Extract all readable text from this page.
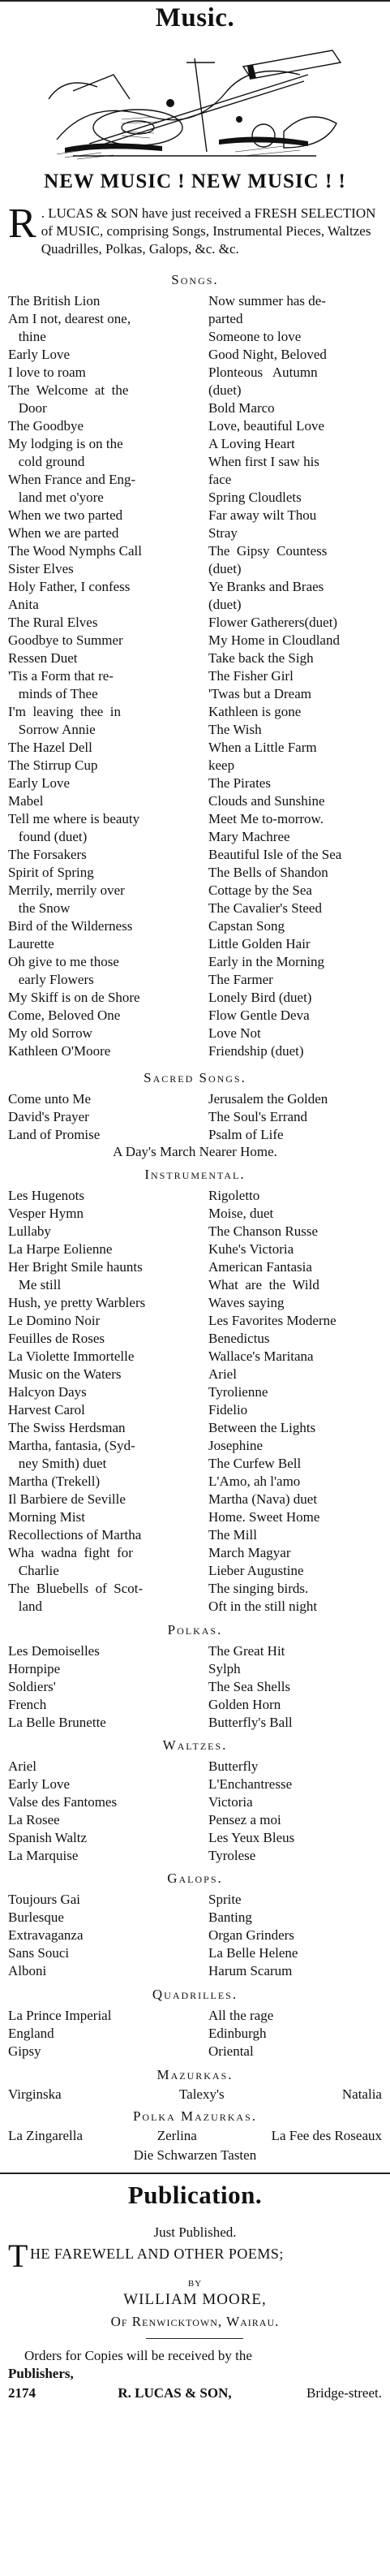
Music.
NEW MUSIC ! NEW MUSIC ! !
R . LUCAS & SON have just received a FRESH SELECTION of MUSIC, comprising Songs, Instrumental Pieces, Waltzes Quadrilles, Polkas, Galops, &c. &c.
Songs.
The British Lion	Now summer has de-
Am I not, dearest one,	parted
thine	Someone to love
Early Love	Good Night, Beloved
I love to roam	Plonteous   Autumn
The  Welcome  at  the	(duet)
Door	Bold Marco
The Goodbye	Love, beautiful Love
My lodging is on the	A Loving Heart
cold ground	When first I saw his
When France and Eng-	face
land met o'yore	Spring Cloudlets
When we two parted	Far away wilt Thou
When we are parted	Stray
The Wood Nymphs Call	The  Gipsy  Countess
Sister Elves	(duet)
Holy Father, I confess	Ye Branks and Braes
Anita	(duet)
The Rural Elves	Flower Gatherers(duet)
Goodbye to Summer	My Home in Cloudland
Ressen Duet	Take back the Sigh
'Tis a Form that re-	The Fisher Girl
minds of Thee	'Twas but a Dream
I'm  leaving  thee  in	Kathleen is gone
Sorrow Annie	The Wish
The Hazel Dell	When a Little Farm
The Stirrup Cup	keep
Early Love	The Pirates
Mabel	Clouds and Sunshine
Tell me where is beauty	Meet Me to-morrow.
found (duet)	Mary Machree
The Forsakers	Beautiful Isle of the Sea
Spirit of Spring	The Bells of Shandon
Merrily, merrily over	Cottage by the Sea
the Snow	The Cavalier's Steed
Bird of the Wilderness	Capstan Song
Laurette	Little Golden Hair
Oh give to me those	Early in the Morning
early Flowers	The Farmer
My Skiff is on de Shore	Lonely Bird (duet)
Come, Beloved One	Flow Gentle Deva
My old Sorrow	Love Not
Kathleen O'Moore	Friendship (duet)
Sacred Songs.
Come unto Me	Jerusalem the Golden
David's Prayer	The Soul's Errand
Land of Promise	Psalm of Life
A Day's March Nearer Home.
Instrumental.
Les Hugenots	Rigoletto
Vesper Hymn	Moise, duet
Lullaby	The Chanson Russe
La Harpe Eolienne	Kuhe's Victoria
Her Bright Smile haunts	American Fantasia
Me still	What  are  the  Wild
Hush, ye pretty Warblers	Waves saying
Le Domino Noir	Les Favorites Moderne
Feuilles de Roses	Benedictus
La Violette Immortelle	Wallace's Maritana
Music on the Waters	Ariel
Halcyon Days	Tyrolienne
Harvest Carol	Fidelio
The Swiss Herdsman	Between the Lights
Martha, fantasia, (Syd-	Josephine
ney Smith) duet	The Curfew Bell
Martha (Trekell)	L'Amo, ah l'amo
Il Barbiere de Seville	Martha (Nava) duet
Morning Mist	Home. Sweet Home
Recollections of Martha	The Mill
Wha  wadna  fight  for	March Magyar
Charlie	Lieber Augustine
The  Bluebells  of  Scot-	The singing birds.
land	Oft in the still night
Polkas.
Les Demoiselles	The Great Hit
Hornpipe	Sylph
Soldiers'	The Sea Shells
French	Golden Horn
La Belle Brunette	Butterfly's Ball
Waltzes.
Ariel	Butterfly
Early Love	L'Enchantresse
Valse des Fantomes	Victoria
La Rosee	Pensez a moi
Spanish Waltz	Les Yeux Bleus
La Marquise	Tyrolese
Galops.
Toujours Gai	Sprite
Burlesque	Banting
Extravaganza	Organ Grinders
Sans Souci	La Belle Helene
Alboni	Harum Scarum
Quadrilles.
La Prince Imperial	All the rage
England	Edinburgh
Gipsy	Oriental
Mazurkas.
Virginska	Talexy's	Natalia
Polka Mazurkas.
La Zingarella	Zerlina	La Fee des Roseaux
Die Schwarzen Tasten
Publication.
Just Published.
THE FAREWELL AND OTHER POEMS;
BY
WILLIAM MOORE,
Of Renwicktown, Wairau.
Orders for Copies will be received by the
Publishers,
2174	R. LUCAS & SON,	Bridge-street.
